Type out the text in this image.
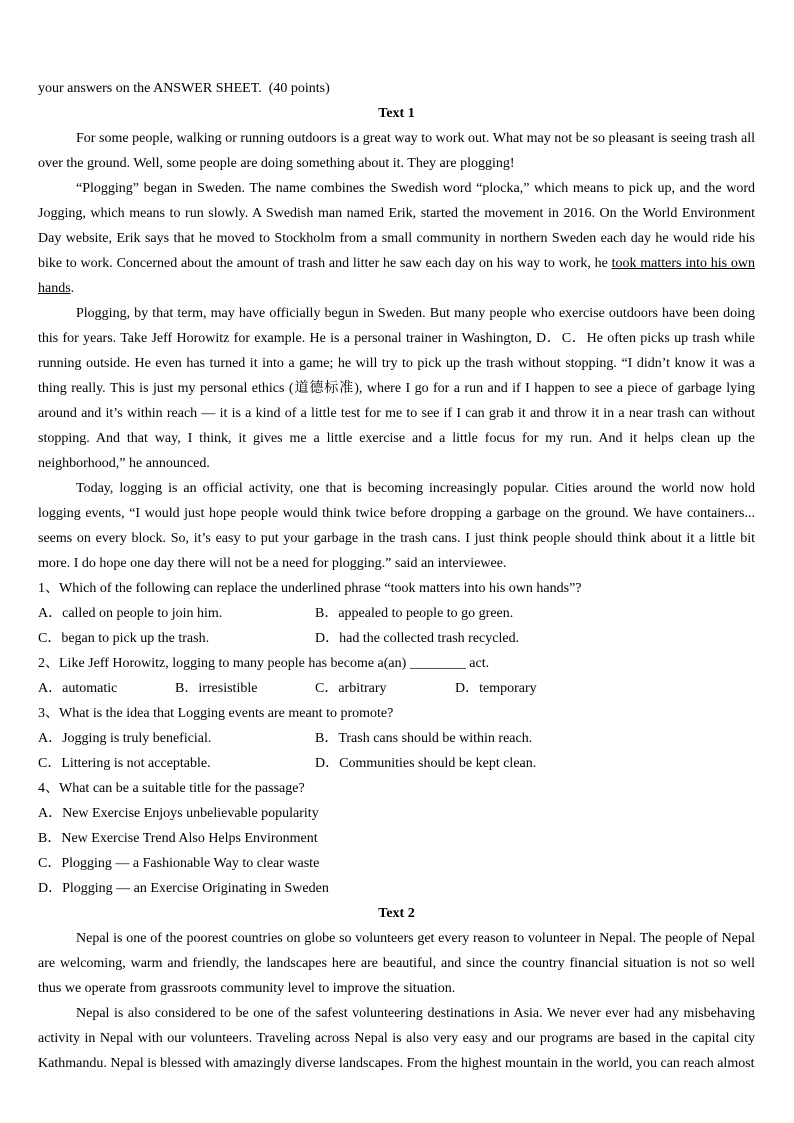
your answers on the ANSWER SHEET.  (40 points)

Text 1

For some people, walking or running outdoors is a great way to work out. What may not be so pleasant is seeing trash all over the ground. Well, some people are doing something about it. They are plogging!

“Plogging” began in Sweden. The name combines the Swedish word “plocka,” which means to pick up, and the word Jogging, which means to run slowly. A Swedish man named Erik, started the movement in 2016. On the World Environment Day website, Erik says that he moved to Stockholm from a small community in northern Sweden each day he would ride his bike to work. Concerned about the amount of trash and litter he saw each day on his way to work, he took matters into his own hands.

Plogging, by that term, may have officially begun in Sweden. But many people who exercise outdoors have been doing this for years. Take Jeff Horowitz for example. He is a personal trainer in Washington, D．C．He often picks up trash while running outside. He even has turned it into a game; he will try to pick up the trash without stopping. “I didn’t know it was a thing really. This is just my personal ethics (道德标准), where I go for a run and if I happen to see a piece of garbage lying around and it’s within reach — it is a kind of a little test for me to see if I can grab it and throw it in a near trash can without stopping. And that way, I think, it gives me a little exercise and a little focus for my run. And it helps clean up the neighborhood,” he announced.

Today, logging is an official activity, one that is becoming increasingly popular. Cities around the world now hold logging events, “I would just hope people would think twice before dropping a garbage on the ground. We have containers... seems on every block. So, it’s easy to put your garbage in the trash cans. I just think people should think about it a little bit more. I do hope one day there will not be a need for plogging.” said an interviewee.

1、Which of the following can replace the underlined phrase “took matters into his own hands”?

A．called on people to join him.	B．appealed to people to go green.
C．began to pick up the trash.	D．had the collected trash recycled.

2、Like Jeff Horowitz, logging to many people has become a(an) ________ act.

A．automatic	B．irresistible	C．arbitrary	D．temporary

3、What is the idea that Logging events are meant to promote?

A．Jogging is truly beneficial.	B．Trash cans should be within reach.
C．Littering is not acceptable.	D．Communities should be kept clean.

4、What can be a suitable title for the passage?

A．New Exercise Enjoys unbelievable popularity

B．New Exercise Trend Also Helps Environment

C．Plogging — a Fashionable Way to clear waste

D．Plogging — an Exercise Originating in Sweden

Text 2

Nepal is one of the poorest countries on globe so volunteers get every reason to volunteer in Nepal. The people of Nepal are welcoming, warm and friendly, the landscapes here are beautiful, and since the country financial situation is not so well thus we operate from grassroots community level to improve the situation.

Nepal is also considered to be one of the safest volunteering destinations in Asia. We never ever had any misbehaving activity in Nepal with our volunteers. Traveling across Nepal is also very easy and our programs are based in the capital city Kathmandu. Nepal is blessed with amazingly diverse landscapes. From the highest mountain in the world, you can reach almost
